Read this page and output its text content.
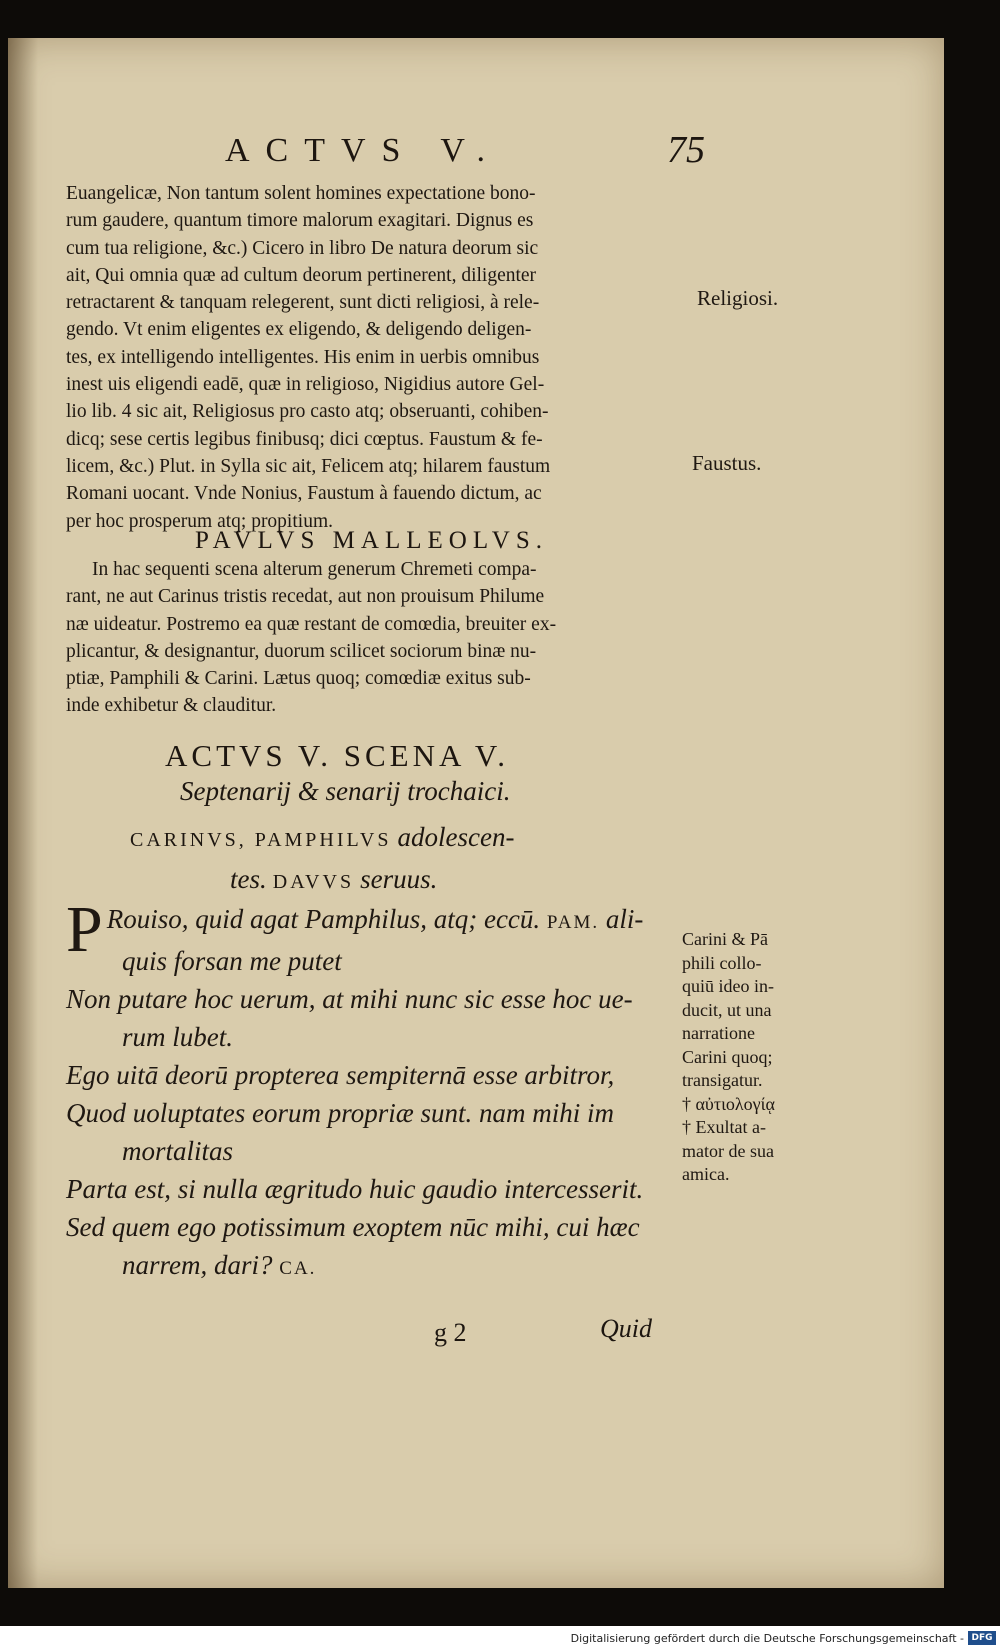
ACTVS V.	75

Euangelicæ, Non tantum solent homines expectatione bono-

rum gaudere, quantum timore malorum exagitari. Dignus es

cum tua religione, &c.) Cicero in libro De natura deorum sic

ait, Qui omnia quæ ad cultum deorum pertinerent, diligenter

retractarent & tanquam relegerent, sunt dicti religiosi, à rele-

gendo. Vt enim eligentes ex eligendo, & deligendo deligen-

tes, ex intelligendo intelligentes. His enim in uerbis omnibus

inest uis eligendi eadē, quæ in religioso, Nigidius autore Gel-

lio lib. 4 sic ait, Religiosus pro casto atq; obseruanti, cohiben-

dicq; sese certis legibus finibusq; dici cœptus. Faustum & fe-

licem, &c.) Plut. in Sylla sic ait, Felicem atq; hilarem faustum

Romani uocant. Vnde Nonius, Faustum à fauendo dictum, ac

per hoc prosperum atq; propitium.

PAVLVS MALLEOLVS.

In hac sequenti scena alterum generum Chremeti compa-

rant, ne aut Carinus tristis recedat, aut non prouisum Philume

næ uideatur. Postremo ea quæ restant de comœdia, breuiter ex-

plicantur, & designantur, duorum scilicet sociorum binæ nu-

ptiæ, Pamphili & Carini. Lætus quoq; comœdiæ exitus sub-

inde exhibetur & clauditur.

ACTVS V. SCENA V.
Septenarij & senarij trochaici.
CARINVS, PAMPHILVS adolescen-
tes. DAVVS seruus.
P Rouiso, quid agat Pamphilus, atq; eccū. PAM. ali-
quis forsan me putet
Non putare hoc uerum, at mihi nunc sic esse hoc ue-
rum lubet.
Ego uitā deorū propterea sempiternā esse arbitror,
Quod uoluptates eorum propriæ sunt. nam mihi im
mortalitas
Parta est, si nulla ægritudo huic gaudio intercesserit.
Sed quem ego potissimum exoptem nūc mihi, cui hæc
narrem, dari? CA.
Religiosi.
Faustus.

Carini & Pā

phili collo-

quiū ideo in-

ducit, ut una

narratione

Carini quoq;

transigatur.

† αὐτιολογίᾳ

† Exultat a-

mator de sua

amica.

g 2	Quid
Digitalisierung gefördert durch die Deutsche Forschungsgemeinschaft - DFG
